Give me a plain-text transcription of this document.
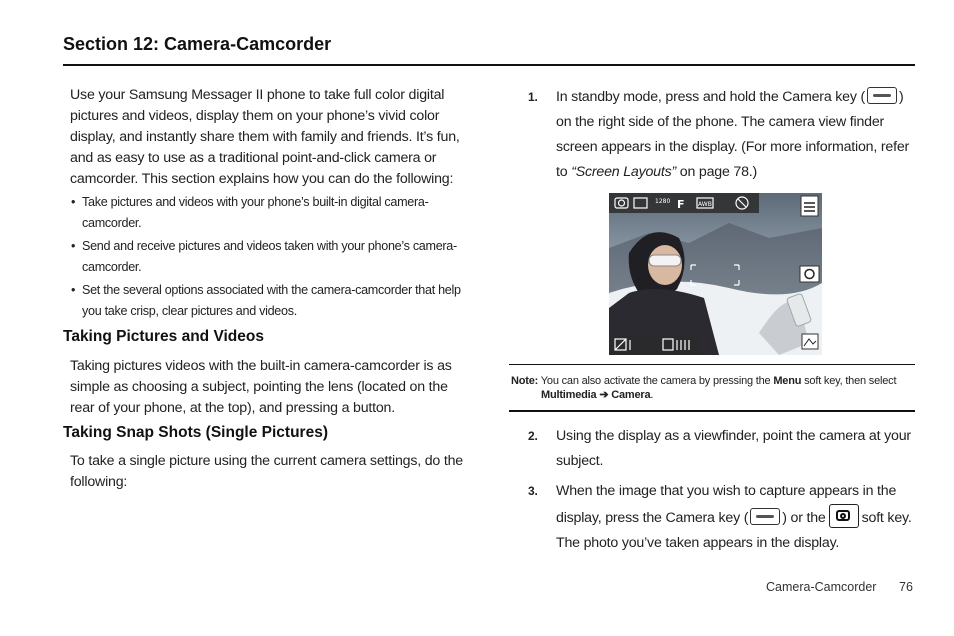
Section 12: Camera-Camcorder
Use your Samsung Messager II phone to take full color digital pictures and videos, display them on your phone’s vivid color display, and instantly share them with family and friends. It’s fun, and as easy to use as a traditional point-and-click camera or camcorder. This section explains how you can do the following:
• Take pictures and videos with your phone’s built-in digital camera-camcorder.
• Send and receive pictures and videos taken with your phone’s camera-camcorder.
• Set the several options associated with the camera-camcorder that help you take crisp, clear pictures and videos.
Taking Pictures and Videos
Taking pictures videos with the built-in camera-camcorder is as simple as choosing a subject, pointing the lens (located on the rear of your phone, at the top), and pressing a button.
Taking Snap Shots (Single Pictures)
To take a single picture using the current camera settings, do the following:
1.	In standby mode, press and hold the Camera key ( ) on the right side of the phone. The camera view finder screen appears in the display. (For more information, refer to “Screen Layouts” on page 78.)
1280 F AWB
Note: You can also activate the camera by pressing the Menu soft key, then select
Multimedia ➔ Camera.
2.	Using the display as a viewfinder, point the camera at your subject.
3.	When the image that you wish to capture appears in the display, press the Camera key ( ) or the	soft key. The photo you’ve taken appears in the display.
Camera-Camcorder 76
